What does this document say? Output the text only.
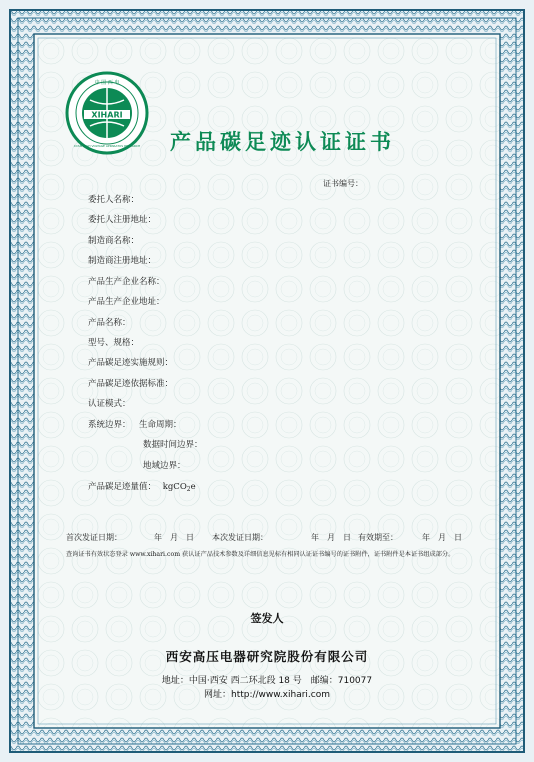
XIHARI
中 国 西 电
XI'AN HIGH VOLTAGE APPARATUS RESEARCH 产品碳足迹认证证书
证书编号：
委托人名称：
委托人注册地址：
制造商名称：
制造商注册地址：
产品生产企业名称：
产品生产企业地址：
产品名称：
型号、规格：
产品碳足迹实施规则：
产品碳足迹依据标准：
认证模式：
系统边界： 生命周期：
数据时间边界：
地域边界：
产品碳足迹量值： kgCO$_2$e
首次发证日期：	年　月　日 本次发证日期：	年　月　日 有效期至：	年　月　日
查询证书有效状态登录 www.xihari.com 获认证产品技术参数及详细信息见标有相同认证证书编号的证书附件，证书附件是本证书组成部分。
签发人
西安高压电器研究院股份有限公司
地址：中国·西安 西二环北段 18 号　邮编：710077
网址：http://www.xihari.com
